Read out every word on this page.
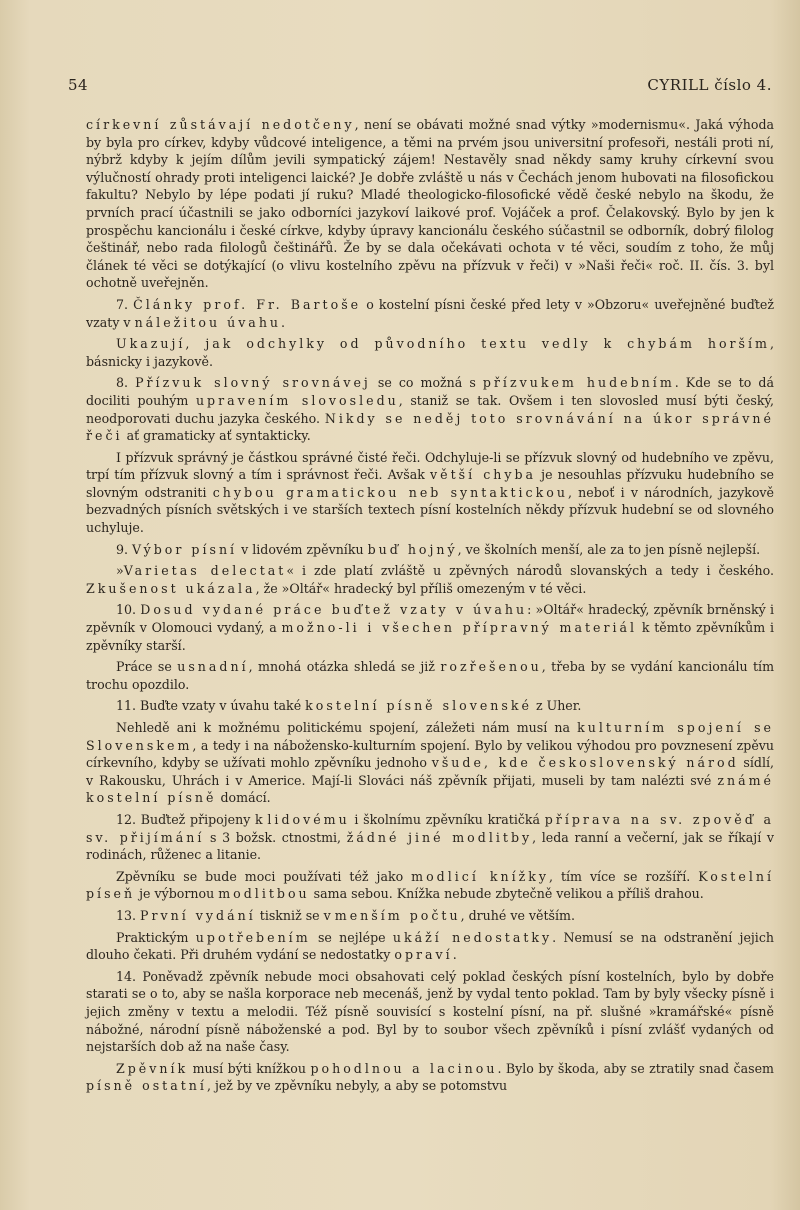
54	CYRILL číslo 4.

církevní zůstávají nedotčeny, není se obávati možné snad výtky »modernismu«. Jaká výhoda by byla pro církev, kdyby vůdcové inteligence, a těmi na prvém jsou universitní profesoři, nestáli proti ní, nýbrž kdyby k jejím dílům jevili sympatický zájem! Nestavěly snad někdy samy kruhy církevní svou výlučností ohrady proti inteligenci laické? Je dobře zvláště u nás v Čechách jenom hubovati na filosofickou fakultu? Nebylo by lépe podati jí ruku? Mladé theologicko-filosofické vědě české nebylo na škodu, že prvních prací účastnili se jako odborníci jazykoví laikové prof. Vojáček a prof. Čelakovský. Bylo by jen k prospěchu kancionálu i české církve, kdyby úpravy kancionálu českého súčastnil se odborník, dobrý filolog češtinář, nebo rada filologů češtinářů. Že by se dala očekávati ochota v té věci, soudím z toho, že můj článek té věci se dotýkající (o vlivu kostelního zpěvu na přízvuk v řeči) v »Naši řeči« roč. II. čís. 3. byl ochotně uveřejněn.

7. Články prof. Fr. Bartoše o kostelní písni české před lety v »Obzoru« uveřejněné buďtež vzaty v náležitou úvahu.

Ukazují, jak odchylky od původního textu vedly k chybám horším, básnicky i jazykově.

8. Přízvuk slovný srovnávej se co možná s přízvukem hudebním. Kde se to dá dociliti pouhým upravením slovosledu, staniž se tak. Ovšem i ten slovosled musí býti český, neodporovati duchu jazyka českého. Nikdy se neděj toto srovnávání na úkor správné řeči ať gramaticky ať syntakticky.

I přízvuk správný je částkou správné čisté řeči. Odchyluje-li se přízvuk slovný od hudebního ve zpěvu, trpí tím přízvuk slovný a tím i správnost řeči. Avšak větší chyba je nesouhlas přízvuku hudebního se slovným odstraniti chybou gramatickou neb syntaktickou, neboť i v národních, jazykově bezvadných písních světských i ve starších textech písní kostelních někdy přízvuk hudební se od slovného uchyluje.

9. Výbor písní v lidovém zpěvníku buď hojný, ve školních menší, ale za to jen písně nejlepší.

»Varietas delectat« i zde platí zvláště u zpěvných národů slovanských a tedy i českého. Zkušenost ukázala, že »Oltář« hradecký byl příliš omezeným v té věci.

10. Dosud vydané práce buďtež vzaty v úvahu: »Oltář« hradecký, zpěvník brněnský i zpěvník v Olomouci vydaný, a možno-li i všechen přípravný materiál k těmto zpěvníkům i zpěvníky starší.

Práce se usnadní, mnohá otázka shledá se již rozřešenou, třeba by se vydání kancionálu tím trochu opozdilo.

11. Buďte vzaty v úvahu také kostelní písně slovenské z Uher.

Nehledě ani k možnému politickému spojení, záležeti nám musí na kulturním spojení se Slovenskem, a tedy i na nábožensko-kulturním spojení. Bylo by velikou výhodou pro povznesení zpěvu církevního, kdyby se užívati mohlo zpěvníku jednoho všude, kde československý národ sídlí, v Rakousku, Uhrách i v Americe. Mají-li Slováci náš zpěvník přijati, museli by tam nalézti své známé kostelní písně domácí.

12. Buďtež připojeny k lidovému i školnímu zpěvníku kratičká příprava na sv. zpověď a sv. přijímání s 3 božsk. ctnostmi, žádné jiné modlitby, leda ranní a večerní, jak se říkají v rodinách, růženec a litanie.

Zpěvníku se bude moci používati též jako modlicí knížky, tím více se rozšíří. Kostelní píseň je výbornou modlitbou sama sebou. Knížka nebude zbytečně velikou a příliš drahou.

13. První vydání tiskniž se v menším počtu, druhé ve větším.

Praktickým upotřebením se nejlépe ukáží nedostatky. Nemusí se na odstranění jejich dlouho čekati. Při druhém vydání se nedostatky opraví.

14. Poněvadž zpěvník nebude moci obsahovati celý poklad českých písní kostelních, bylo by dobře starati se o to, aby se našla korporace neb mecenáš, jenž by vydal tento poklad. Tam by byly všecky písně i jejich změny v textu a melodii. Též písně souvisící s kostelní písní, na př. slušné »kramářské« písně nábožné, národní písně náboženské a pod. Byl by to soubor všech zpěvníků i písní zvlášť vydaných od nejstarších dob až na naše časy.

Zpěvník musí býti knížkou pohodlnou a lacinou. Bylo by škoda, aby se ztratily snad časem písně ostatní, jež by ve zpěvníku nebyly, a aby se potomstvu
